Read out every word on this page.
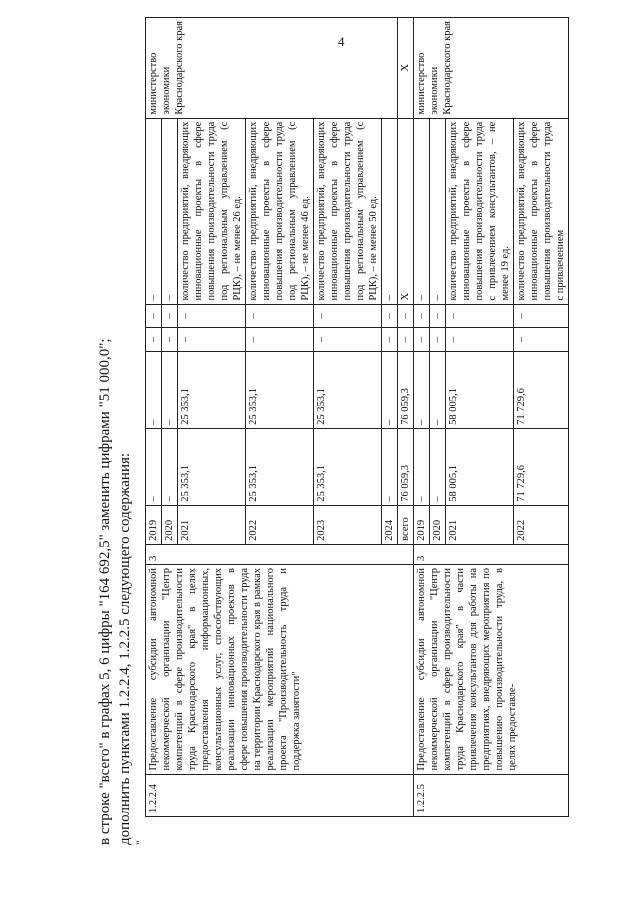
4
в строке "всего" в графах 5, 6 цифры "164 692,5" заменить цифрами "51 000,0"; дополнить пунктами 1.2.2.4, 1.2.2.5 следующего содержания: "
1.2.2.4	Предоставление субсидии автономной некоммерческой организации "Центр компетенций в сфере производительности труда Краснодарского края" в целях предоставления информационных, консультационных услуг, способствующих реализации инновационных проектов в сфере повышения производительности труда на территории Краснодарского края в рамках реализации мероприятий национального проекта "Производительность труда и поддержка занятости"	3	2019	–	–	–	–	–	министерство экономики Краснодарского края
			2020	–	–	–	–	–	
			2021	25 353,1	25 353,1	–	–	количество предприятий, внедряющих инновационные проекты в сфере повышения производительности труда под региональным управлением (с РЦК), – не менее 26 ед.	
			2022	25 353,1	25 353,1	–	–	количество предприятий, внедряющих инновационные проекты в сфере повышения производительности труда под региональным управлением (с РЦК), – не менее 46 ед.	
			2023	25 353,1	25 353,1	–	–	количество предприятий, внедряющих инновационные проекты в сфере повышения производительности труда под региональным управлением (с РЦК), – не менее 50 ед.	
			2024	–	–	–	–	–	
			всего	76 059,3	76 059,3	–	–	Х	Х
1.2.2.5	Предоставление субсидии автономной некоммерческой организации "Центр компетенций в сфере производительности труда Краснодарского края" в части привлечения консультантов для работы на предприятиях, внедряющих мероприятия по повышению производительности труда, в целях предоставле-	3	2019	–	–	–	–	–	министерство экономики Краснодарского края
			2020	–	–	–	–	–	
			2021	58 005,1	58 005,1	–	–	количество предприятий, внедряющих инновационные проекты в сфере повышения производительности труда с привлечением консультантов, – не менее 19 ед.	
			2022	71 729,6	71 729,6	–	–	количество предприятий, внедряющих инновационные проекты в сфере повышения производительности труда с привлечением	
